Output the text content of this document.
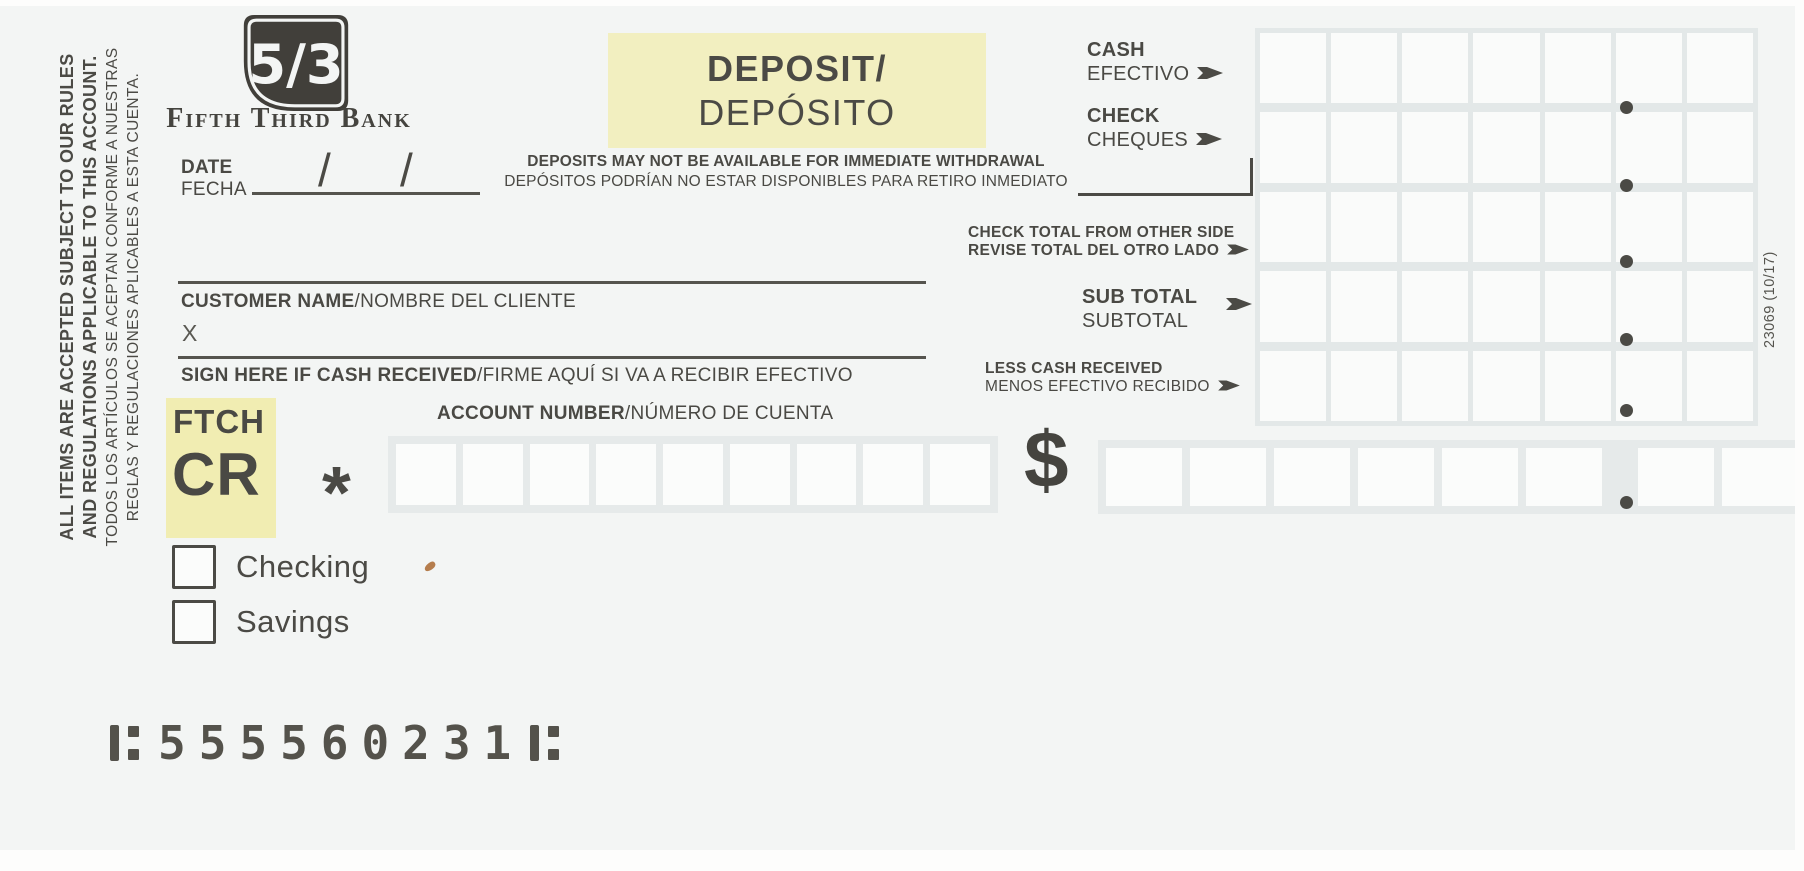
ALL ITEMS ARE ACCEPTED SUBJECT TO OUR RULES AND REGULATIONS APPLICABLE TO THIS ACCOUNT. TODOS LOS ARTÍCULOS SE ACEPTAN CONFORME A NUESTRAS REGLAS Y REGULACIONES APLICABLES A ESTA CUENTA.
5/3
Fifth Third Bank
DEPOSIT/
DEPÓSITO
DATE
FECHA / /	DEPOSITS MAY NOT BE AVAILABLE FOR IMMEDIATE WITHDRAWAL
DEPÓSITOS PODRÍAN NO ESTAR DISPONIBLES PARA RETIRO INMEDIATO
CUSTOMER NAME/NOMBRE DEL CLIENTE
X
SIGN HERE IF CASH RECEIVED/FIRME AQUÍ SI VA A RECIBIR EFECTIVO
FTCH
CR *
ACCOUNT NUMBER/NÚMERO DE CUENTA
$
CASH
EFECTIVO
CHECK
CHEQUES
CHECK TOTAL FROM OTHER SIDE
REVISE TOTAL DEL OTRO LADO
SUB TOTAL
SUBTOTAL
LESS CASH RECEIVED
MENOS EFECTIVO RECIBIDO
Checking
Savings
555560231
23069 (10/17)
